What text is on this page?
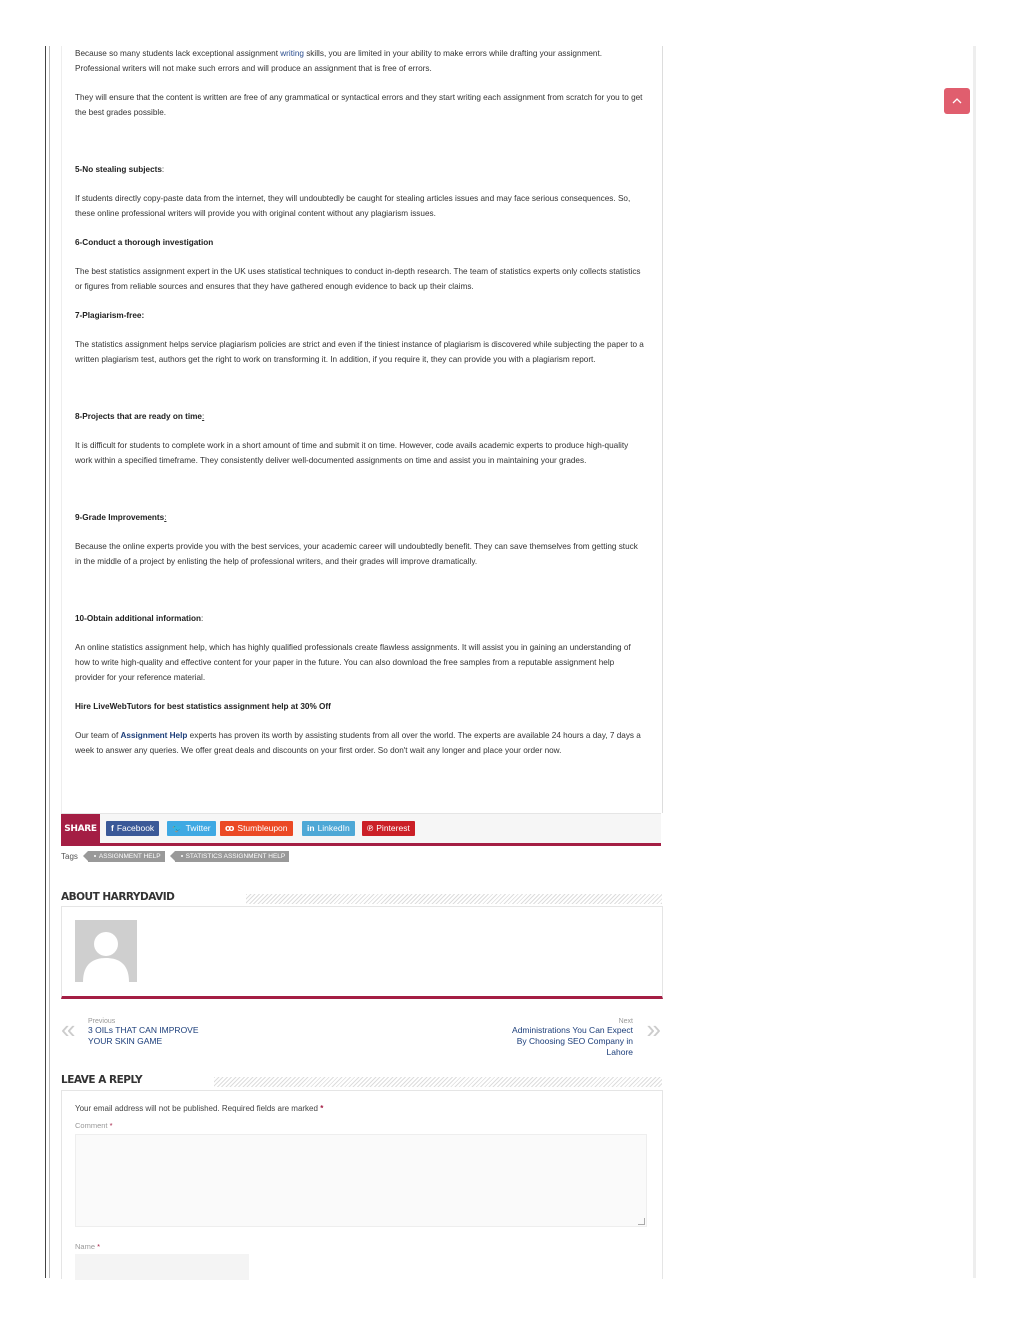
Because so many students lack exceptional assignment writing skills, you are limited in your ability to make errors while drafting your assignment. Professional writers will not make such errors and will produce an assignment that is free of errors.

They will ensure that the content is written are free of any grammatical or syntactical errors and they start writing each assignment from scratch for you to get the best grades possible.

5-No stealing subjects:

If students directly copy-paste data from the internet, they will undoubtedly be caught for stealing articles issues and may face serious consequences. So, these online professional writers will provide you with original content without any plagiarism issues.

6-Conduct a thorough investigation

The best statistics assignment expert in the UK uses statistical techniques to conduct in-depth research. The team of statistics experts only collects statistics or figures from reliable sources and ensures that they have gathered enough evidence to back up their claims.

7-Plagiarism-free:

The statistics assignment helps service plagiarism policies are strict and even if the tiniest instance of plagiarism is discovered while subjecting the paper to a written plagiarism test, authors get the right to work on transforming it. In addition, if you require it, they can provide you with a plagiarism report.

8-Projects that are ready on time:

It is difficult for students to complete work in a short amount of time and submit it on time. However, code avails academic experts to produce high-quality work within a specified timeframe. They consistently deliver well-documented assignments on time and assist you in maintaining your grades.

9-Grade Improvements:

Because the online experts provide you with the best services, your academic career will undoubtedly benefit. They can save themselves from getting stuck in the middle of a project by enlisting the help of professional writers, and their grades will improve dramatically.

10-Obtain additional information:

An online statistics assignment help, which has highly qualified professionals create flawless assignments. It will assist you in gaining an understanding of how to write high-quality and effective content for your paper in the future. You can also download the free samples from a reputable assignment help provider for your reference material.

Hire LiveWebTutors for best statistics assignment help at 30% Off

Our team of Assignment Help experts has proven its worth by assisting students from all over the world. The experts are available 24 hours a day, 7 days a week to answer any queries. We offer great deals and discounts on your first order. So don't wait any longer and place your order now.

SHARE	f Facebook	🐦 Twitter	ꝏ Stumbleupon	in LinkedIn	℗ Pinterest
Tags	ASSIGNMENT HELP	STATISTICS ASSIGNMENT HELP
ABOUT HARRYDAVID
« Previous
3 OILs THAT CAN IMPROVE
YOUR SKIN GAME
Next
Administrations You Can Expect
By Choosing SEO Company in
Lahore
»
LEAVE A REPLY
Your email address will not be published. Required fields are marked *
Comment *
Name *
